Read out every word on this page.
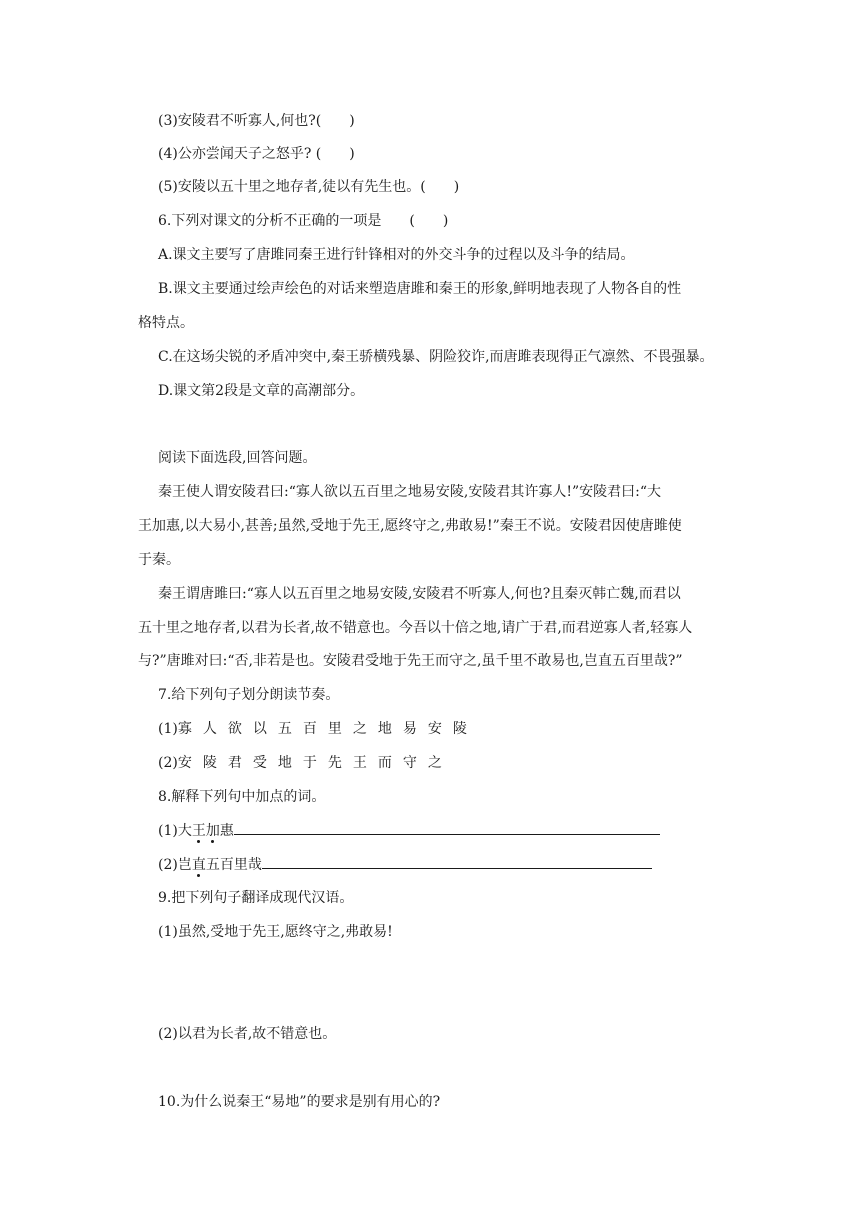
(3)安陵君不听寡人,何也?(　　)
(4)公亦尝闻天子之怒乎? (　　)
(5)安陵以五十里之地存者,徒以有先生也。(　　)
6.下列对课文的分析不正确的一项是　　(　　)
A.课文主要写了唐雎同秦王进行针锋相对的外交斗争的过程以及斗争的结局。
B.课文主要通过绘声绘色的对话来塑造唐雎和秦王的形象,鲜明地表现了人物各自的性
格特点。
C.在这场尖锐的矛盾冲突中,秦王骄横残暴、阴险狡诈,而唐雎表现得正气凛然、不畏强暴。
D.课文第2段是文章的高潮部分。
阅读下面选段,回答问题。
秦王使人谓安陵君曰:“寡人欲以五百里之地易安陵,安陵君其许寡人!”安陵君曰:“大
王加惠,以大易小,甚善;虽然,受地于先王,愿终守之,弗敢易!”秦王不说。安陵君因使唐雎使
于秦。
秦王谓唐雎曰:“寡人以五百里之地易安陵,安陵君不听寡人,何也?且秦灭韩亡魏,而君以
五十里之地存者,以君为长者,故不错意也。今吾以十倍之地,请广于君,而君逆寡人者,轻寡人
与?”唐雎对曰:“否,非若是也。安陵君受地于先王而守之,虽千里不敢易也,岂直五百里哉?”
7.给下列句子划分朗读节奏。
(1)寡人欲以五百里之地易安陵
(2)安陵君受地于先王而守之
8.解释下列句中加点的词。
(1)大王加惠
(2)岂直五百里哉
9.把下列句子翻译成现代汉语。
(1)虽然,受地于先王,愿终守之,弗敢易!
(2)以君为长者,故不错意也。
10.为什么说秦王“易地”的要求是别有用心的?
